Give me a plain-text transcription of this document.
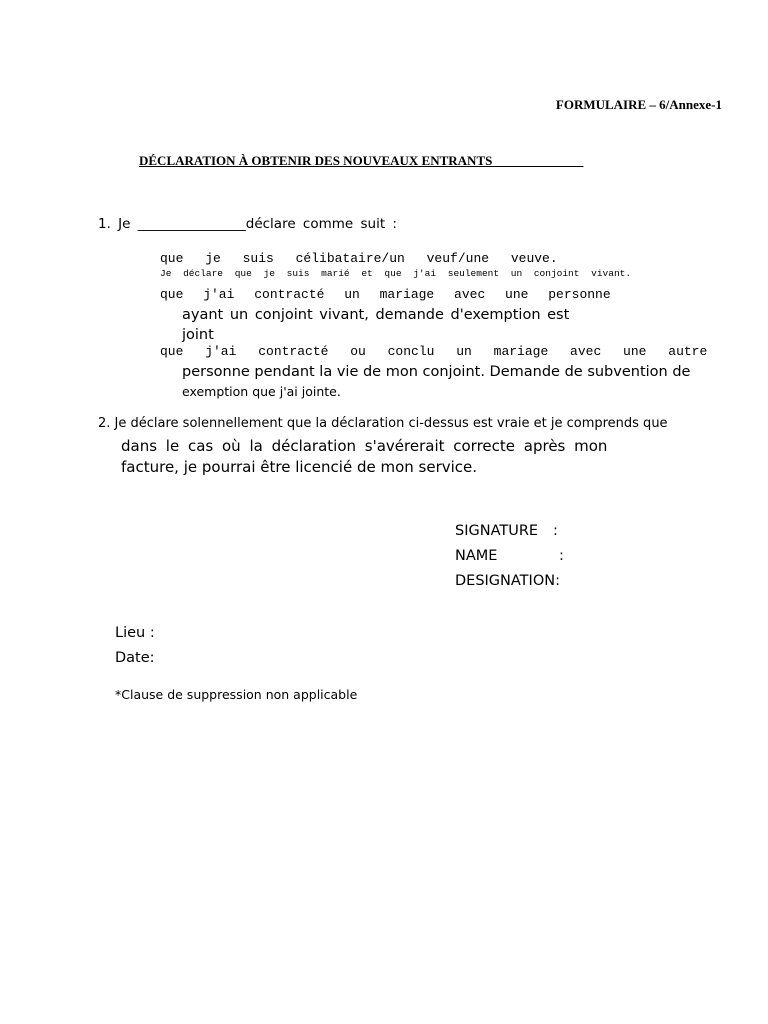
FORMULAIRE – 6/Annexe-1
DÉCLARATION À OBTENIR DES NOUVEAUX ENTRANTS______________
1. Je ________________déclare comme suit :
que je suis célibataire/un veuf/une veuve.
Je déclare que je suis marié et que j'ai seulement un conjoint vivant.
que j'ai contracté un mariage avec une personne
ayant un conjoint vivant, demande d'exemption est
joint
que j'ai contracté ou conclu un mariage avec une autre
personne pendant la vie de mon conjoint. Demande de subvention de
exemption que j'ai jointe.
2. Je déclare solennellement que la déclaration ci-dessus est vraie et je comprends que
dans le cas où la déclaration s'avérerait correcte après mon
facture, je pourrai être licencié de mon service.
SIGNATURE :
NAME	:
DESIGNATION:
Lieu :
Date:
*Clause de suppression non applicable
